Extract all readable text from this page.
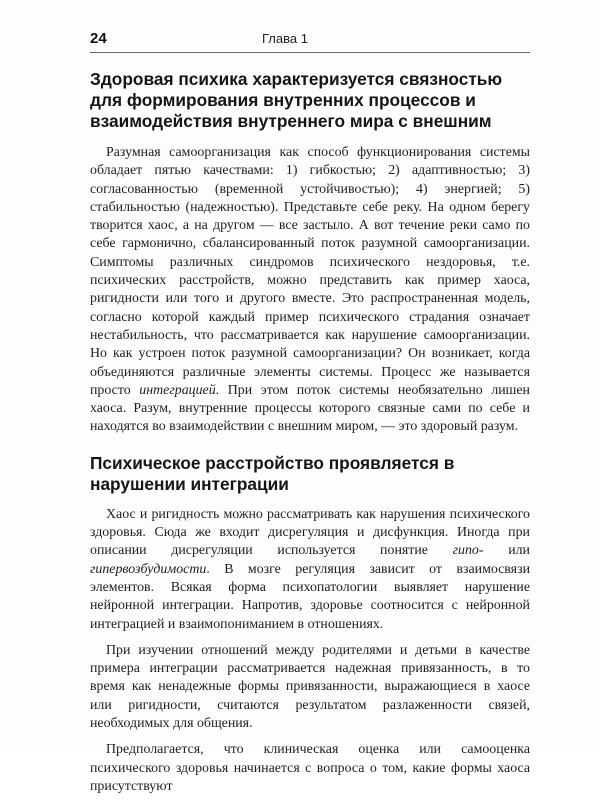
24	Глава 1
Здоровая психика характеризуется связностью для формирования внутренних процессов и взаимодействия внутреннего мира с внешним

Разумная самоорганизация как способ функционирования системы обладает пятью качествами: 1) гибкостью; 2) адаптивностью; 3) согласованностью (временной устойчивостью); 4) энергией; 5) стабильностью (надежностью). Представьте себе реку. На одном берегу творится хаос, а на другом — все застыло. А вот течение реки само по себе гармонично, сбалансированный поток разумной самоорганизации. Симптомы различных синдромов психического нездоровья, т.е. психических расстройств, можно представить как пример хаоса, ригидности или того и другого вместе. Это распространенная модель, согласно которой каждый пример психического страдания означает нестабильность, что рассматривается как нарушение самоорганизации. Но как устроен поток разумной самоорганизации? Он возникает, когда объединяются различные элементы системы. Процесс же называется просто интеграцией. При этом поток системы необязательно лишен хаоса. Разум, внутренние процессы которого связные сами по себе и находятся во взаимодействии с внешним миром, — это здоровый разум.

Психическое расстройство проявляется в нарушении интеграции

Хаос и ригидность можно рассматривать как нарушения психического здоровья. Сюда же входит дисрегуляция и дисфункция. Иногда при описании дисрегуляции используется понятие гипо- или гипервозбудимости. В мозге регуляция зависит от взаимосвязи элементов. Всякая форма психопатологии выявляет нарушение нейронной интеграции. Напротив, здоровье соотносится с нейронной интеграцией и взаимопониманием в отношениях.

При изучении отношений между родителями и детьми в качестве примера интеграции рассматривается надежная привязанность, в то время как ненадежные формы привязанности, выражающиеся в хаосе или ригидности, считаются результатом разлаженности связей, необходимых для общения.

Предполагается, что клиническая оценка или самооценка психического здоровья начинается с вопроса о том, какие формы хаоса присутствуют
